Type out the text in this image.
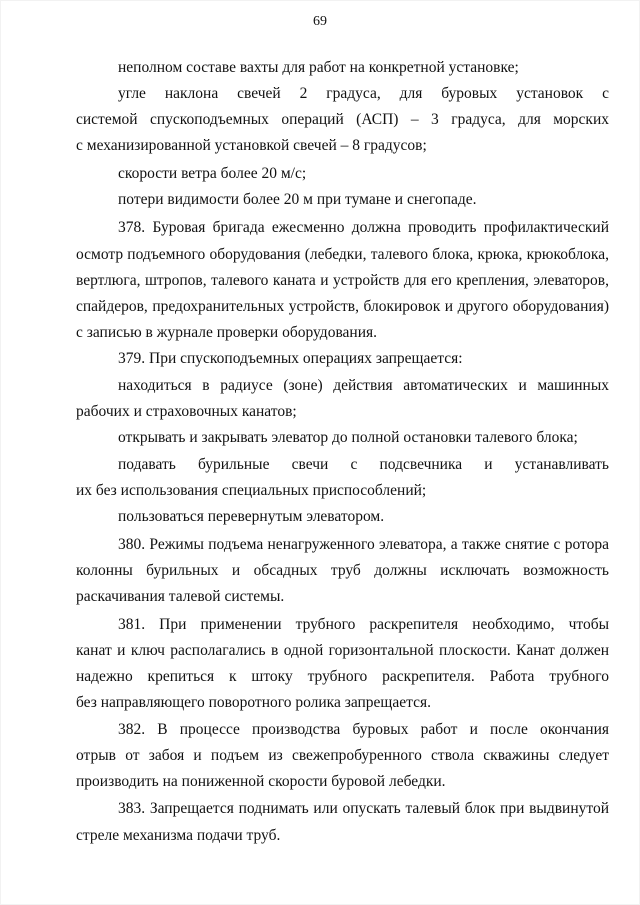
69
неполном составе вахты для работ на конкретной установке;
угле наклона свечей 2 градуса, для буровых установок с
системой спускоподъемных операций (АСП) – 3 градуса, для морских
с механизированной установкой свечей – 8 градусов;
скорости ветра более 20 м/с;
потери видимости более 20 м при тумане и снегопаде.
378. Буровая бригада ежесменно должна проводить профилактический
осмотр подъемного оборудования (лебедки, талевого блока, крюка, крюкоблока,
вертлюга, штропов, талевого каната и устройств для его крепления, элеваторов,
спайдеров, предохранительных устройств, блокировок и другого оборудования)
с записью в журнале проверки оборудования.
379. При спускоподъемных операциях запрещается:
находиться в радиусе (зоне) действия автоматических и машинных
рабочих и страховочных канатов;
открывать и закрывать элеватор до полной остановки талевого блока;
подавать бурильные свечи с подсвечника и устанавливать
их без использования специальных приспособлений;
пользоваться перевернутым элеватором.
380. Режимы подъема ненагруженного элеватора, а также снятие с ротора
колонны бурильных и обсадных труб должны исключать возможность
раскачивания талевой системы.
381. При применении трубного раскрепителя необходимо, чтобы
канат и ключ располагались в одной горизонтальной плоскости. Канат должен
надежно крепиться к штоку трубного раскрепителя. Работа трубного
без направляющего поворотного ролика запрещается.
382. В процессе производства буровых работ и после окончания
отрыв от забоя и подъем из свежепробуренного ствола скважины следует
производить на пониженной скорости буровой лебедки.
383. Запрещается поднимать или опускать талевый блок при выдвинутой
стреле механизма подачи труб.
